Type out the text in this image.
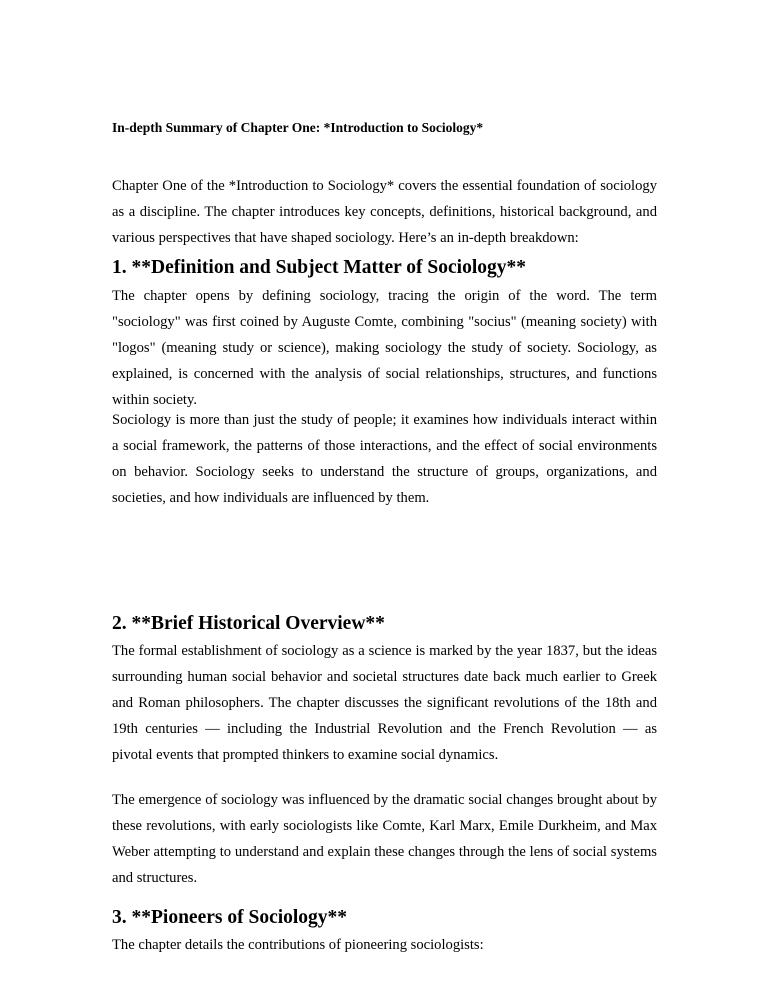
In-depth Summary of Chapter One: *Introduction to Sociology*

Chapter One of the *Introduction to Sociology* covers the essential foundation of sociology as a discipline. The chapter introduces key concepts, definitions, historical background, and various perspectives that have shaped sociology. Here’s an in-depth breakdown:

1. **Definition and Subject Matter of Sociology**

The chapter opens by defining sociology, tracing the origin of the word. The term "sociology" was first coined by Auguste Comte, combining "socius" (meaning society) with "logos" (meaning study or science), making sociology the study of society. Sociology, as explained, is concerned with the analysis of social relationships, structures, and functions within society.

Sociology is more than just the study of people; it examines how individuals interact within a social framework, the patterns of those interactions, and the effect of social environments on behavior. Sociology seeks to understand the structure of groups, organizations, and societies, and how individuals are influenced by them.

2. **Brief Historical Overview**

The formal establishment of sociology as a science is marked by the year 1837, but the ideas surrounding human social behavior and societal structures date back much earlier to Greek and Roman philosophers. The chapter discusses the significant revolutions of the 18th and 19th centuries — including the Industrial Revolution and the French Revolution — as pivotal events that prompted thinkers to examine social dynamics.

The emergence of sociology was influenced by the dramatic social changes brought about by these revolutions, with early sociologists like Comte, Karl Marx, Emile Durkheim, and Max Weber attempting to understand and explain these changes through the lens of social systems and structures.

3. **Pioneers of Sociology**

The chapter details the contributions of pioneering sociologists:
